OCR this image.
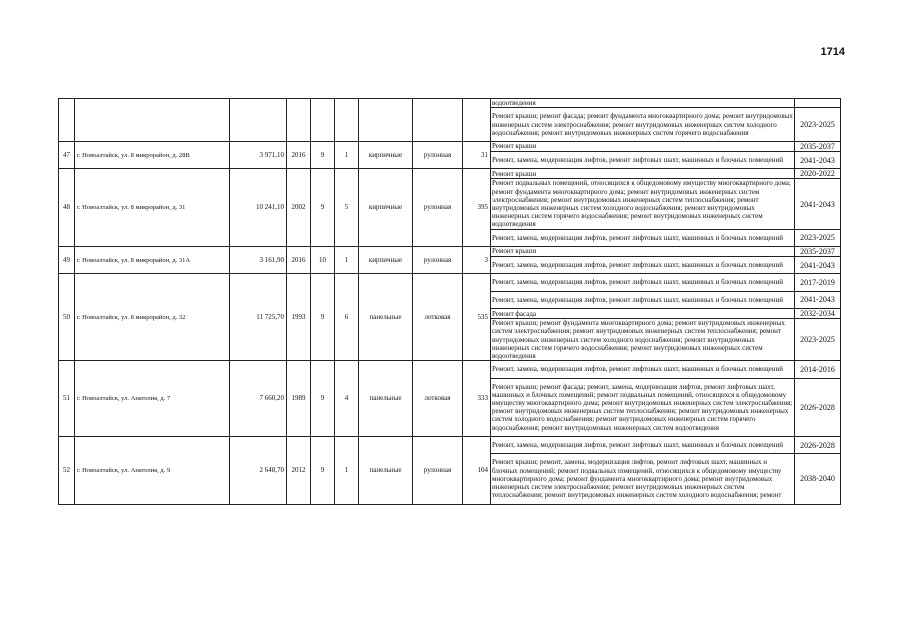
1714
									водоотведения	
									Ремонт крыши; ремонт фасада; ремонт фундамента многоквартирного дома; ремонт внутридомовых инженерных систем электроснабжения; ремонт внутридомовых инженерных систем холодного водоснабжения; ремонт внутридомовых инженерных систем горячего водоснабжения	2023-2025
47	г. Новоалтайск, ул. 8 микрорайон, д. 28В	3 971,10	2016	9	1	кирпичные	рулонная	31	Ремонт крыши	2035-2037
									Ремонт, замена, модернизация лифтов, ремонт лифтовых шахт, машинных и блочных помещений	2041-2043
48	г. Новоалтайск, ул. 8 микрорайон, д. 31	10 241,10	2002	9	5	кирпичные	рулонная	395	Ремонт крыши	2020-2022
									Ремонт подвальных помещений, относящихся к общедомовому имуществу многоквартирного дома; ремонт фундамента многоквартирного дома; ремонт внутридомовых инженерных систем электроснабжения; ремонт внутридомовых инженерных систем теплоснабжения; ремонт внутридомовых инженерных систем холодного водоснабжения; ремонт внутридомовых инженерных систем горячего водоснабжения; ремонт внутридомовых инженерных систем водоотведения	2041-2043
									Ремонт, замена, модернизация лифтов, ремонт лифтовых шахт, машинных и блочных помещений	2023-2025
49	г. Новоалтайск, ул. 8 микрорайон, д. 31А	3 161,90	2016	10	1	кирпичные	рулонная	3	Ремонт крыши	2035-2037
									Ремонт, замена, модернизация лифтов, ремонт лифтовых шахт, машинных и блочных помещений	2041-2043
50	г. Новоалтайск, ул. 8 микрорайон, д. 32	11 725,70	1993	9	6	панельные	лотковая	535	Ремонт, замена, модернизация лифтов, ремонт лифтовых шахт, машинных и блочных помещений	2017-2019
									Ремонт, замена, модернизация лифтов, ремонт лифтовых шахт, машинных и блочных помещений	2041-2043
									Ремонт фасада	2032-2034
									Ремонт крыши; ремонт фундамента многоквартирного дома; ремонт внутридомовых инженерных систем электроснабжения; ремонт внутридомовых инженерных систем теплоснабжения; ремонт внутридомовых инженерных систем холодного водоснабжения; ремонт внутридомовых инженерных систем горячего водоснабжения; ремонт внутридомовых инженерных систем водоотведения	2023-2025
51	г. Новоалтайск, ул. Анатолия, д. 7	7 660,20	1989	9	4	панельные	лотковая	333	Ремонт, замена, модернизация лифтов, ремонт лифтовых шахт, машинных и блочных помещений	2014-2016
									Ремонт крыши; ремонт фасада; ремонт, замена, модернизация лифтов, ремонт лифтовых шахт, машинных и блочных помещений; ремонт подвальных помещений, относящихся к общедомовому имуществу многоквартирного дома; ремонт внутридомовых инженерных систем электроснабжения; ремонт внутридомовых инженерных систем теплоснабжения; ремонт внутридомовых инженерных систем холодного водоснабжения; ремонт внутридомовых инженерных систем горячего водоснабжения; ремонт внутридомовых инженерных систем водоотведения	2026-2028
52	г. Новоалтайск, ул. Анатолия, д. 9	2 648,70	2012	9	1	панельные	рулонная	104	Ремонт, замена, модернизация лифтов, ремонт лифтовых шахт, машинных и блочных помещений	2026-2028
									Ремонт крыши; ремонт, замена, модернизация лифтов, ремонт лифтовых шахт, машинных и блочных помещений; ремонт подвальных помещений, относящихся к общедомовому имуществу многоквартирного дома; ремонт фундамента многоквартирного дома; ремонт внутридомовых инженерных систем электроснабжения; ремонт внутридомовых инженерных систем теплоснабжения; ремонт внутридомовых инженерных систем холодного водоснабжения; ремонт	2038-2040
